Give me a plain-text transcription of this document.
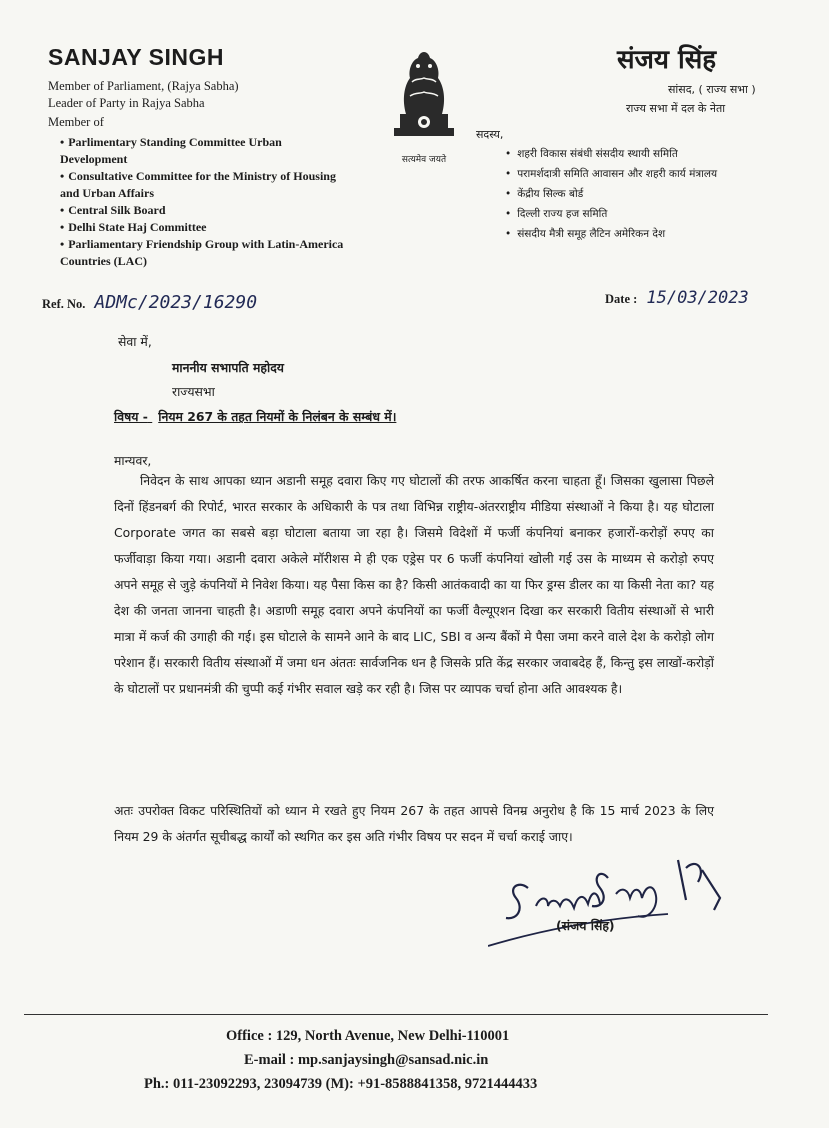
SANJAY SINGH
Member of Parliament, (Rajya Sabha)
Leader of Party in Rajya Sabha
Member of
• Parlimentary Standing Committee Urban Development
• Consultative Committee for the Ministry of Housing and Urban Affairs
• Central Silk Board
• Delhi State Haj Committee
• Parliamentary Friendship Group with Latin-America Countries (LAC)
सत्यमेव जयते
संजय सिंह
सांसद, ( राज्य सभा )
राज्य सभा में दल के नेता
सदस्य,
• शहरी विकास संबंधी संसदीय स्थायी समिति
• परामर्शदात्री समिति आवासन और शहरी कार्य मंत्रालय
• केंद्रीय सिल्क बोर्ड
• दिल्ली राज्य हज समिति
• संसदीय मैत्री समूह लैटिन अमेरिकन देश
Ref. No. ADMc/2023/16290	Date : 15/03/2023
सेवा में,
माननीय सभापति महोदय
राज्यसभा
विषय - नियम 267 के तहत नियमों के निलंबन के सम्बंध में।
मान्यवर,

निवेदन के साथ आपका ध्यान अडानी समूह दवारा किए गए घोटालों की तरफ आकर्षित करना चाहता हूँ। जिसका खुलासा पिछले दिनों हिंडनबर्ग की रिपोर्ट, भारत सरकार के अधिकारी के पत्र तथा विभिन्न राष्ट्रीय-अंतरराष्ट्रीय मीडिया संस्थाओं ने किया है। यह घोटाला Corporate जगत का सबसे बड़ा घोटाला बताया जा रहा है। जिसमे विदेशों में फर्जी कंपनियां बनाकर हजारों-करोड़ों रुपए का फर्जीवाड़ा किया गया। अडानी दवारा अकेले मॉरीशस मे ही एक एड्रेस पर 6 फर्जी कंपनियां खोली गई उस के माध्यम से करोड़ो रुपए अपने समूह से जुड़े कंपनियों मे निवेश किया। यह पैसा किस का है? किसी आतंकवादी का या फिर ड्रग्स डीलर का या किसी नेता का? यह देश की जनता जानना चाहती है। अडाणी समूह दवारा अपने कंपनियों का फर्जी वैल्यूएशन दिखा कर सरकारी वितीय संस्थाओं से भारी मात्रा में कर्ज की उगाही की गई। इस घोटाले के सामने आने के बाद LIC, SBI व अन्य बैंकों मे पैसा जमा करने वाले देश के करोड़ो लोग परेशान हैं। सरकारी वितीय संस्थाओं में जमा धन अंततः सार्वजनिक धन है जिसके प्रति केंद्र सरकार जवाबदेह हैं, किन्तु इस लाखों-करोड़ों के घोटालों पर प्रधानमंत्री की चुप्पी कई गंभीर सवाल खड़े कर रही है। जिस पर व्यापक चर्चा होना अति आवश्यक है।

अतः उपरोक्त विकट परिस्थितियों को ध्यान मे रखते हुए नियम 267 के तहत आपसे विनम्र अनुरोध है कि 15 मार्च 2023 के लिए नियम 29 के अंतर्गत सूचीबद्ध कार्यों को स्थगित कर इस अति गंभीर विषय पर सदन में चर्चा कराई जाए।

(संजय सिंह)
Office : 129, North Avenue, New Delhi-110001
E-mail : mp.sanjaysingh@sansad.nic.in
Ph.: 011-23092293, 23094739 (M): +91-8588841358, 9721444433
